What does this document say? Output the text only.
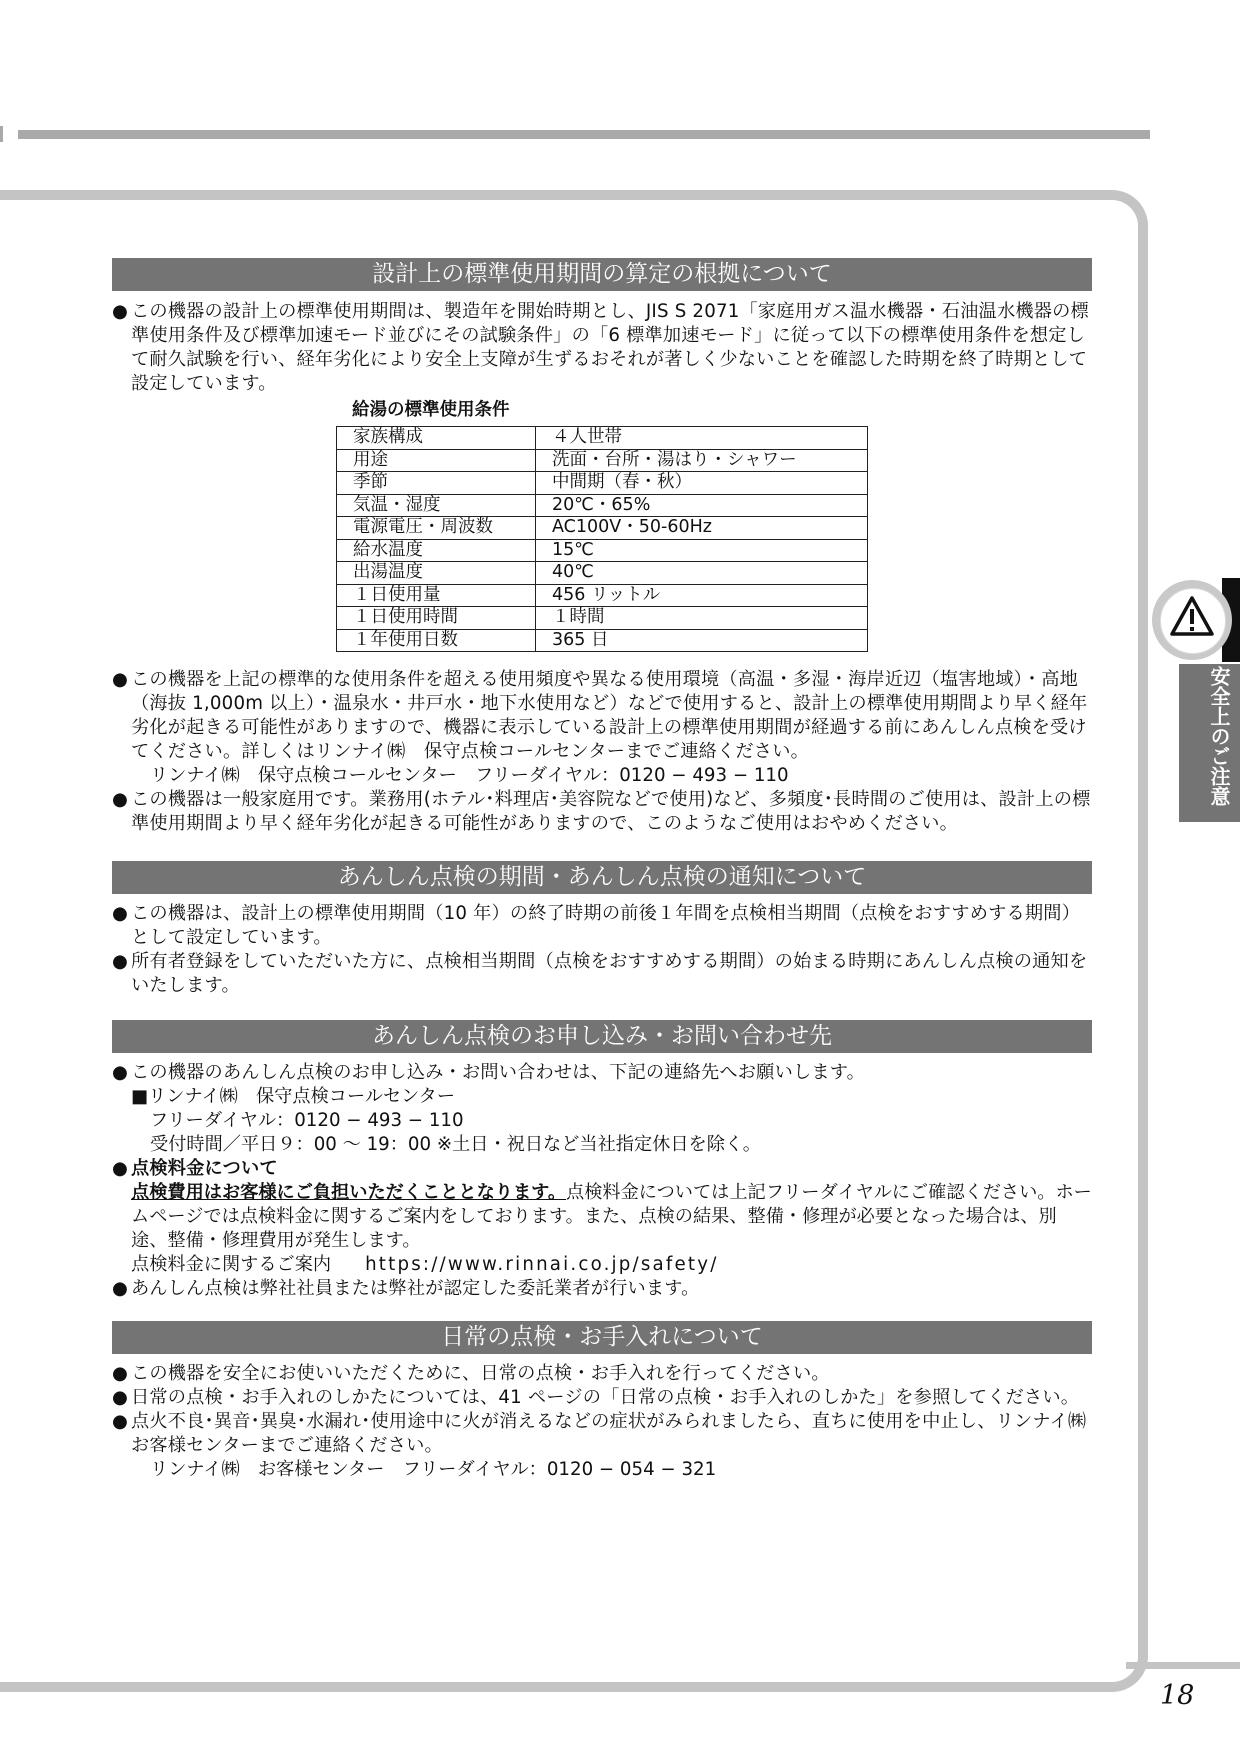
安全上のご注意
設計上の標準使用期間の算定の根拠について
● この機器の設計上の標準使用期間は、製造年を開始時期とし、JIS S 2071「家庭用ガス温水機器・石油温水機器の標準使用条件及び標準加速モード並びにその試験条件」の「6 標準加速モード」に従って以下の標準使用条件を想定して耐久試験を行い、経年劣化により安全上支障が生ずるおそれが著しく少ないことを確認した時期を終了時期として設定しています。
給湯の標準使用条件
家族構成	４人世帯
用途	洗面・台所・湯はり・シャワー
季節	中間期（春・秋）
気温・湿度	20℃・65%
電源電圧・周波数	AC100V・50-60Hz
給水温度	15℃
出湯温度	40℃
１日使用量	456 リットル
１日使用時間	１時間
１年使用日数	365 日
● この機器を上記の標準的な使用条件を超える使用頻度や異なる使用環境（高温・多湿・海岸近辺（塩害地域）・高地（海抜 1,000m 以上）・温泉水・井戸水・地下水使用など）などで使用すると、設計上の標準使用期間より早く経年劣化が起きる可能性がありますので、機器に表示している設計上の標準使用期間が経過する前にあんしん点検を受けてください。詳しくはリンナイ㈱　保守点検コールセンターまでご連絡ください。
リンナイ㈱　保守点検コールセンター　フリーダイヤル：0120 − 493 − 110
● この機器は一般家庭用です。業務用(ホテル･料理店･美容院などで使用)など、多頻度･長時間のご使用は、設計上の標準使用期間より早く経年劣化が起きる可能性がありますので、このようなご使用はおやめください。
あんしん点検の期間・あんしん点検の通知について
● この機器は、設計上の標準使用期間（10 年）の終了時期の前後１年間を点検相当期間（点検をおすすめする期間）として設定しています。
● 所有者登録をしていただいた方に、点検相当期間（点検をおすすめする期間）の始まる時期にあんしん点検の通知をいたします。
あんしん点検のお申し込み・お問い合わせ先
● この機器のあんしん点検のお申し込み・お問い合わせは、下記の連絡先へお願いします。
■リンナイ㈱　保守点検コールセンター
フリーダイヤル：0120 − 493 − 110
受付時間／平日９：00 〜 19：00 ※土日・祝日など当社指定休日を除く。
● 点検料金について
点検費用はお客様にご負担いただくこととなります。点検料金については上記フリーダイヤルにご確認ください。ホームページでは点検料金に関するご案内をしております。また、点検の結果、整備・修理が必要となった場合は、別途、整備・修理費用が発生します。
点検料金に関するご案内 https://www.rinnai.co.jp/safety/
● あんしん点検は弊社社員または弊社が認定した委託業者が行います。
日常の点検・お手入れについて
● この機器を安全にお使いいただくために、日常の点検・お手入れを行ってください。
● 日常の点検・お手入れのしかたについては、41 ページの「日常の点検・お手入れのしかた」を参照してください。
● 点火不良･異音･異臭･水漏れ･使用途中に火が消えるなどの症状がみられましたら、直ちに使用を中止し、リンナイ㈱　お客様センターまでご連絡ください。
リンナイ㈱　お客様センター　フリーダイヤル：0120 − 054 − 321
18
